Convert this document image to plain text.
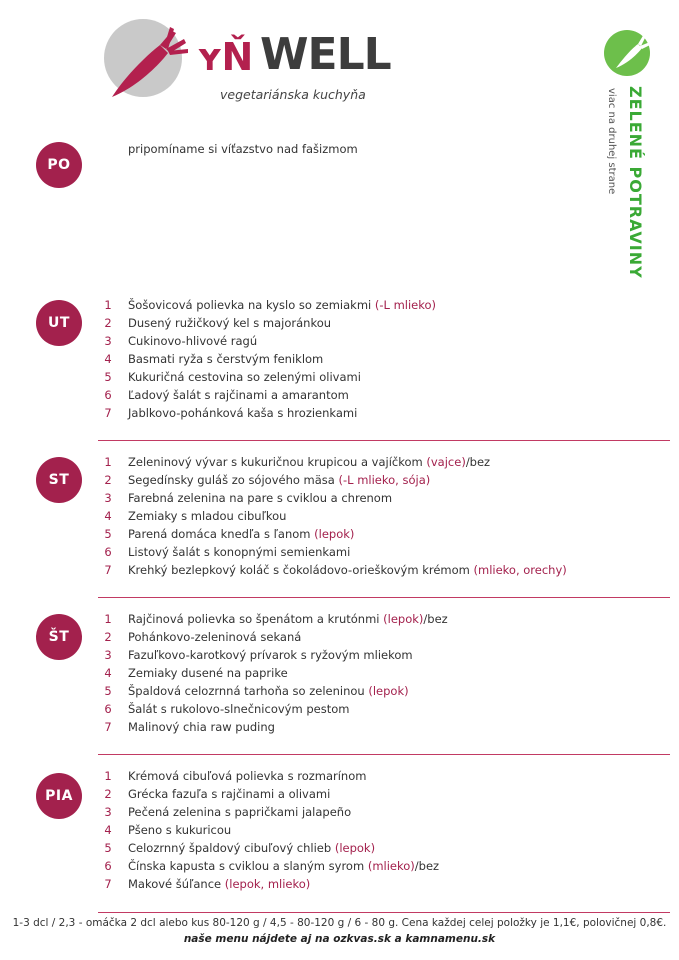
ʏŇ WELL
vegetariánska kuchyňa	ZELENÉ POTRAVINY
viac na druhej strane
PO
pripomíname si víťazstvo nad fašizmom
UT
1	Šošovicová polievka na kyslo so zemiakmi (-L mlieko)
2	Dusený ružičkový kel s majoránkou
3	Cukinovo-hlivové ragú
4	Basmati ryža s čerstvým feniklom
5	Kukuričná cestovina so zelenými olivami
6	Ľadový šalát s rajčinami a amarantom
7	Jablkovo-pohánková kaša s hrozienkami
ST
1	Zeleninový vývar s kukuričnou krupicou a vajíčkom (vajce)/bez
2	Segedínsky guláš zo sójového mäsa (-L mlieko, sója)
3	Farebná zelenina na pare s cviklou a chrenom
4	Zemiaky s mladou cibuľkou
5	Parená domáca knedľa s ľanom (lepok)
6	Listový šalát s konopnými semienkami
7	Krehký bezlepkový koláč s čokoládovo-orieškovým krémom (mlieko, orechy)
ŠT
1	Rajčinová polievka so špenátom a krutónmi (lepok)/bez
2	Pohánkovo-zeleninová sekaná
3	Fazuľkovo-karotkový prívarok s ryžovým mliekom
4	Zemiaky dusené na paprike
5	Špaldová celozrnná tarhoňa so zeleninou (lepok)
6	Šalát s rukolovo-slnečnicovým pestom
7	Malinový chia raw puding
PIA
1	Krémová cibuľová polievka s rozmarínom
2	Grécka fazuľa s rajčinami a olivami
3	Pečená zelenina s papričkami jalapeño
4	Pšeno s kukuricou
5	Celozrnný špaldový cibuľový chlieb (lepok)
6	Čínska kapusta s cviklou a slaným syrom (mlieko)/bez
7	Makové šúľance (lepok, mlieko)
1-3 dcl / 2,3 - omáčka 2 dcl alebo kus 80-120 g / 4,5 - 80-120 g / 6 - 80 g. Cena každej celej položky je 1,1€, polovičnej 0,8€.
naše menu nájdete aj na ozkvas.sk a kamnamenu.sk
